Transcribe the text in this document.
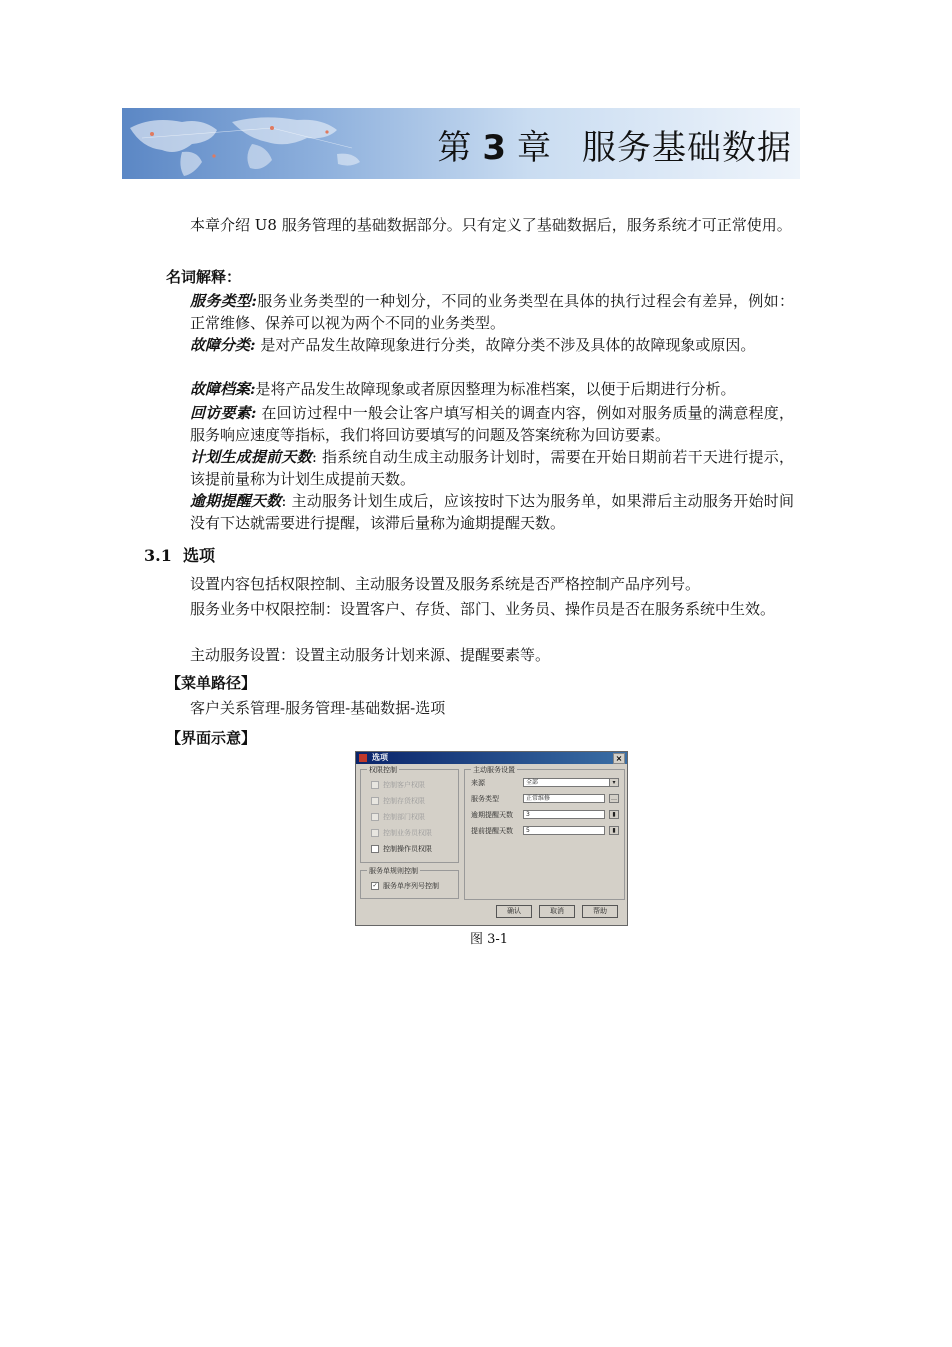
第 3 章 服务基础数据
本章介绍 U8 服务管理的基础数据部分。只有定义了基础数据后，服务系统才可正常使用。
名词解释：
服务类型:服务业务类型的一种划分，不同的业务类型在具体的执行过程会有差异，例如：正常维修、保养可以视为两个不同的业务类型。
故障分类: 是对产品发生故障现象进行分类，故障分类不涉及具体的故障现象或原因。
故障档案:是将产品发生故障现象或者原因整理为标准档案，以便于后期进行分析。
回访要素: 在回访过程中一般会让客户填写相关的调查内容，例如对服务质量的满意程度，服务响应速度等指标，我们将回访要填写的问题及答案统称为回访要素。
计划生成提前天数: 指系统自动生成主动服务计划时，需要在开始日期前若干天进行提示，该提前量称为计划生成提前天数。
逾期提醒天数: 主动服务计划生成后，应该按时下达为服务单，如果滞后主动服务开始时间没有下达就需要进行提醒，该滞后量称为逾期提醒天数。
3.1 选项
设置内容包括权限控制、主动服务设置及服务系统是否严格控制产品序列号。
服务业务中权限控制：设置客户、存货、部门、业务员、操作员是否在服务系统中生效。
主动服务设置：设置主动服务计划来源、提醒要素等。
【菜单路径】
客户关系管理-服务管理-基础数据-选项
【界面示意】
选项	×
权限控制
控制客户权限
控制存货权限
控制部门权限
控制业务员权限
控制操作员权限
服务单规则控制
✓ 服务单序列号控制
主动服务设置
来源	全部	▾
服务类型	正常维修	…
逾期提醒天数	3	▮
提前提醒天数	5	▮
确认	取消	帮助
图 3-1
